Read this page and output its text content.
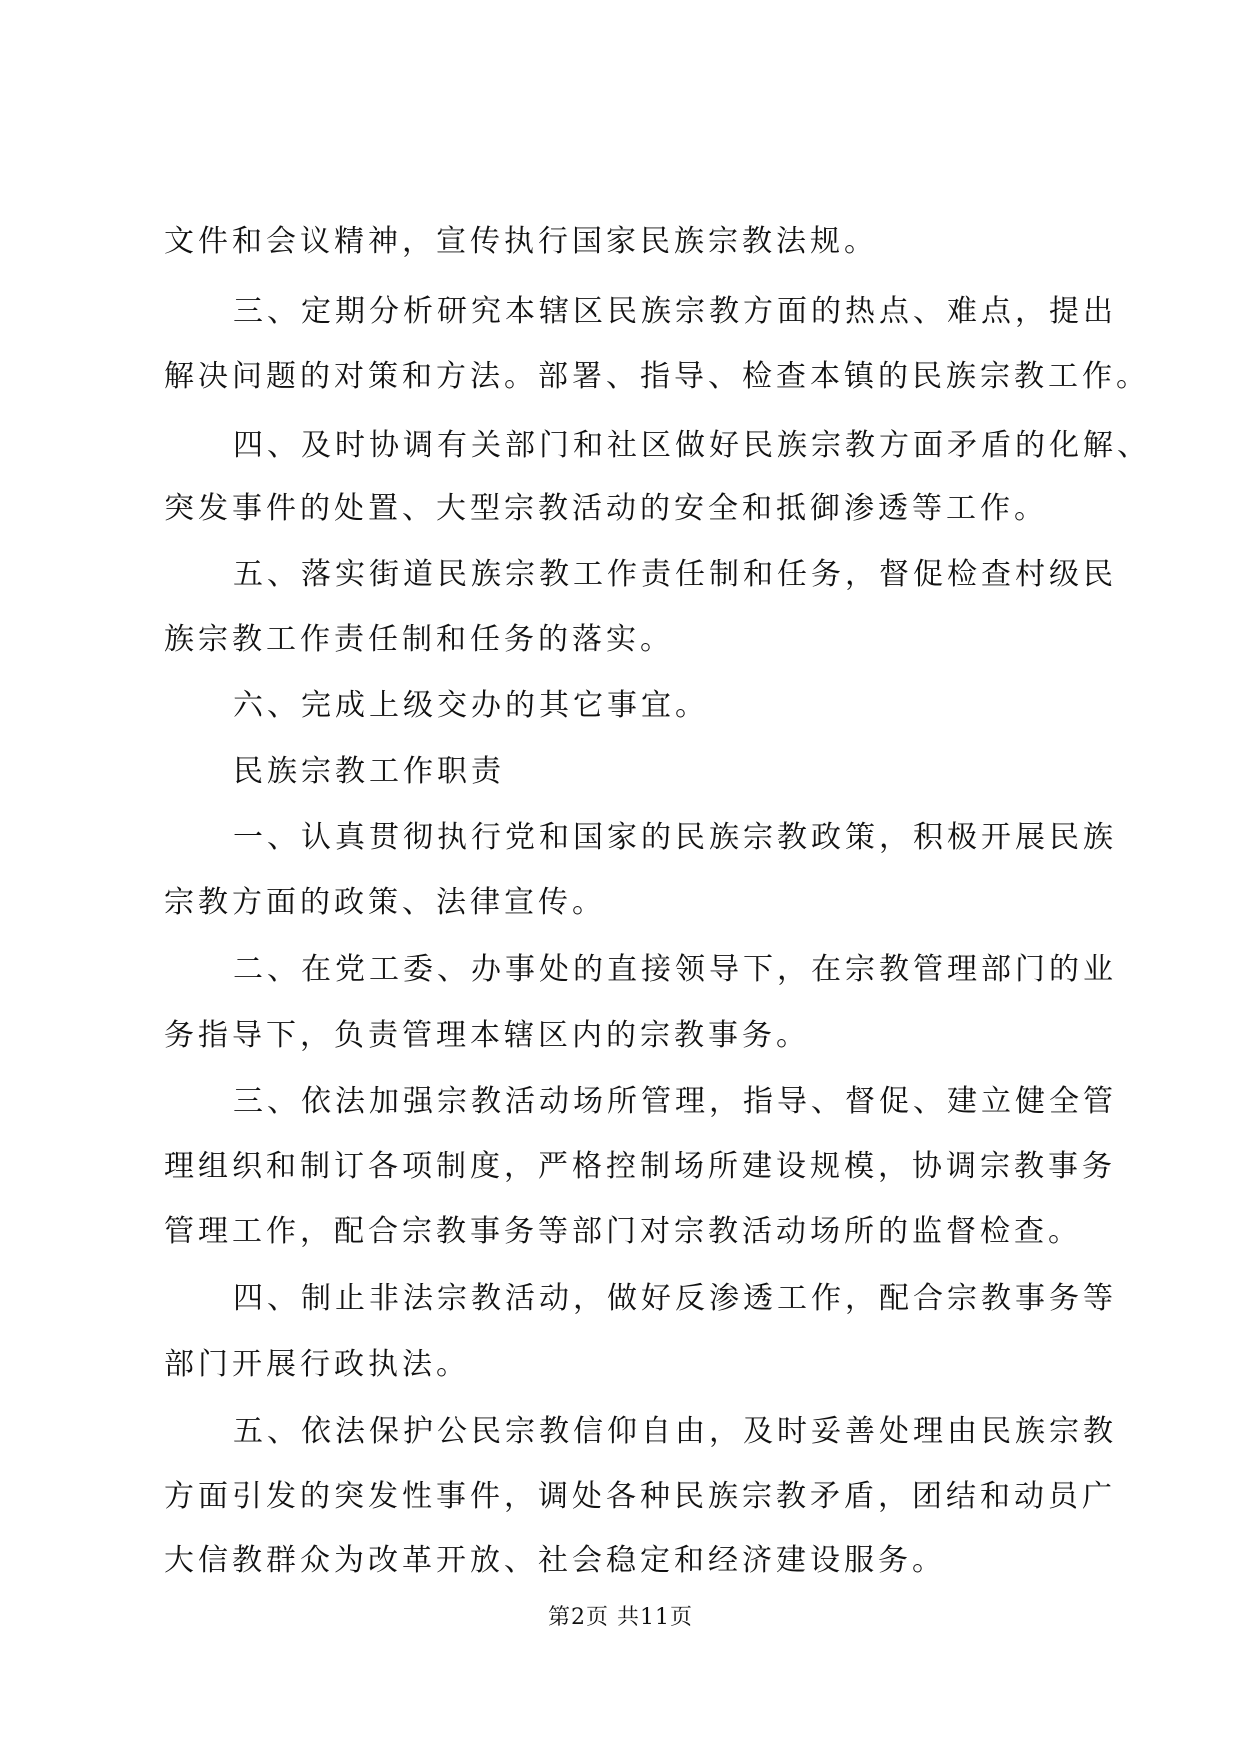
文件和会议精神，宣传执行国家民族宗教法规。
三、定期分析研究本辖区民族宗教方面的热点、难点，提出
解决问题的对策和方法。部署、指导、检查本镇的民族宗教工作。
四、及时协调有关部门和社区做好民族宗教方面矛盾的化解、
突发事件的处置、大型宗教活动的安全和抵御渗透等工作。
五、落实街道民族宗教工作责任制和任务，督促检查村级民
族宗教工作责任制和任务的落实。
六、完成上级交办的其它事宜。
民族宗教工作职责
一、认真贯彻执行党和国家的民族宗教政策，积极开展民族
宗教方面的政策、法律宣传。
二、在党工委、办事处的直接领导下，在宗教管理部门的业
务指导下，负责管理本辖区内的宗教事务。
三、依法加强宗教活动场所管理，指导、督促、建立健全管
理组织和制订各项制度，严格控制场所建设规模，协调宗教事务
管理工作，配合宗教事务等部门对宗教活动场所的监督检查。
四、制止非法宗教活动，做好反渗透工作，配合宗教事务等
部门开展行政执法。
五、依法保护公民宗教信仰自由，及时妥善处理由民族宗教
方面引发的突发性事件，调处各种民族宗教矛盾，团结和动员广
大信教群众为改革开放、社会稳定和经济建设服务。
第2页 共11页
